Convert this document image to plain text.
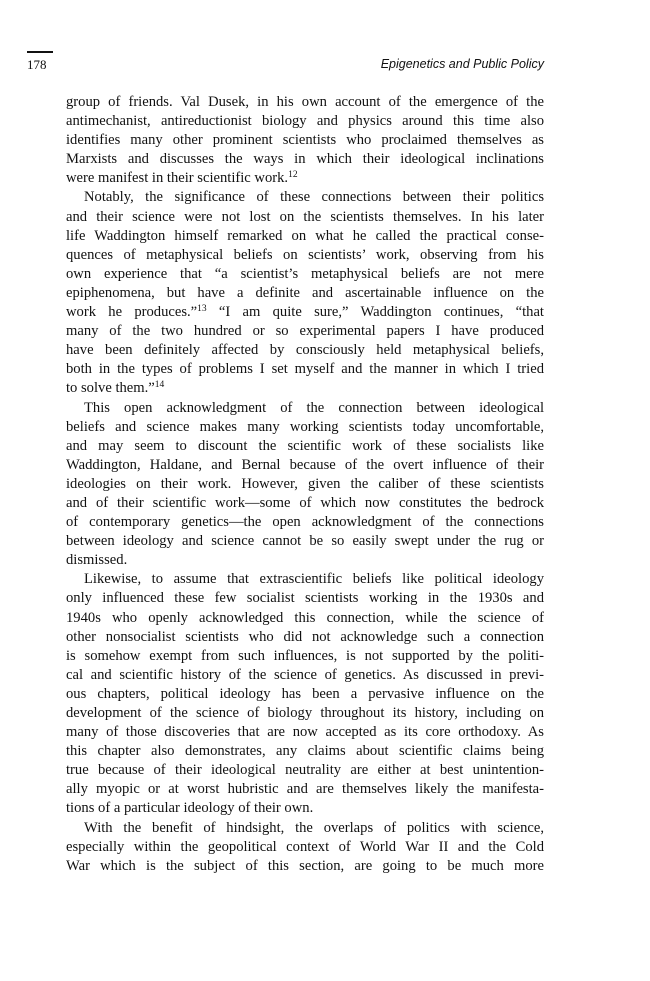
178	Epigenetics and Public Policy
group of friends. Val Dusek, in his own account of the emergence of the
antimechanist, antireductionist biology and physics around this time also
identifies many other prominent scientists who proclaimed themselves as
Marxists and discusses the ways in which their ideological inclinations
were manifest in their scientific work.$^{12}$
Notably, the significance of these connections between their politics
and their science were not lost on the scientists themselves. In his later
life Waddington himself remarked on what he called the practical conse-
quences of metaphysical beliefs on scientists’ work, observing from his
own experience that “a scientist’s metaphysical beliefs are not mere
epiphenomena, but have a definite and ascertainable influence on the
work he produces.”$^{13}$ “I am quite sure,” Waddington continues, “that
many of the two hundred or so experimental papers I have produced
have been definitely affected by consciously held metaphysical beliefs,
both in the types of problems I set myself and the manner in which I tried
to solve them.”$^{14}$
This open acknowledgment of the connection between ideological
beliefs and science makes many working scientists today uncomfortable,
and may seem to discount the scientific work of these socialists like
Waddington, Haldane, and Bernal because of the overt influence of their
ideologies on their work. However, given the caliber of these scientists
and of their scientific work—some of which now constitutes the bedrock
of contemporary genetics—the open acknowledgment of the connections
between ideology and science cannot be so easily swept under the rug or
dismissed.
Likewise, to assume that extrascientific beliefs like political ideology
only influenced these few socialist scientists working in the 1930s and
1940s who openly acknowledged this connection, while the science of
other nonsocialist scientists who did not acknowledge such a connection
is somehow exempt from such influences, is not supported by the politi-
cal and scientific history of the science of genetics. As discussed in previ-
ous chapters, political ideology has been a pervasive influence on the
development of the science of biology throughout its history, including on
many of those discoveries that are now accepted as its core orthodoxy. As
this chapter also demonstrates, any claims about scientific claims being
true because of their ideological neutrality are either at best unintention-
ally myopic or at worst hubristic and are themselves likely the manifesta-
tions of a particular ideology of their own.
With the benefit of hindsight, the overlaps of politics with science,
especially within the geopolitical context of World War II and the Cold
War which is the subject of this section, are going to be much more
